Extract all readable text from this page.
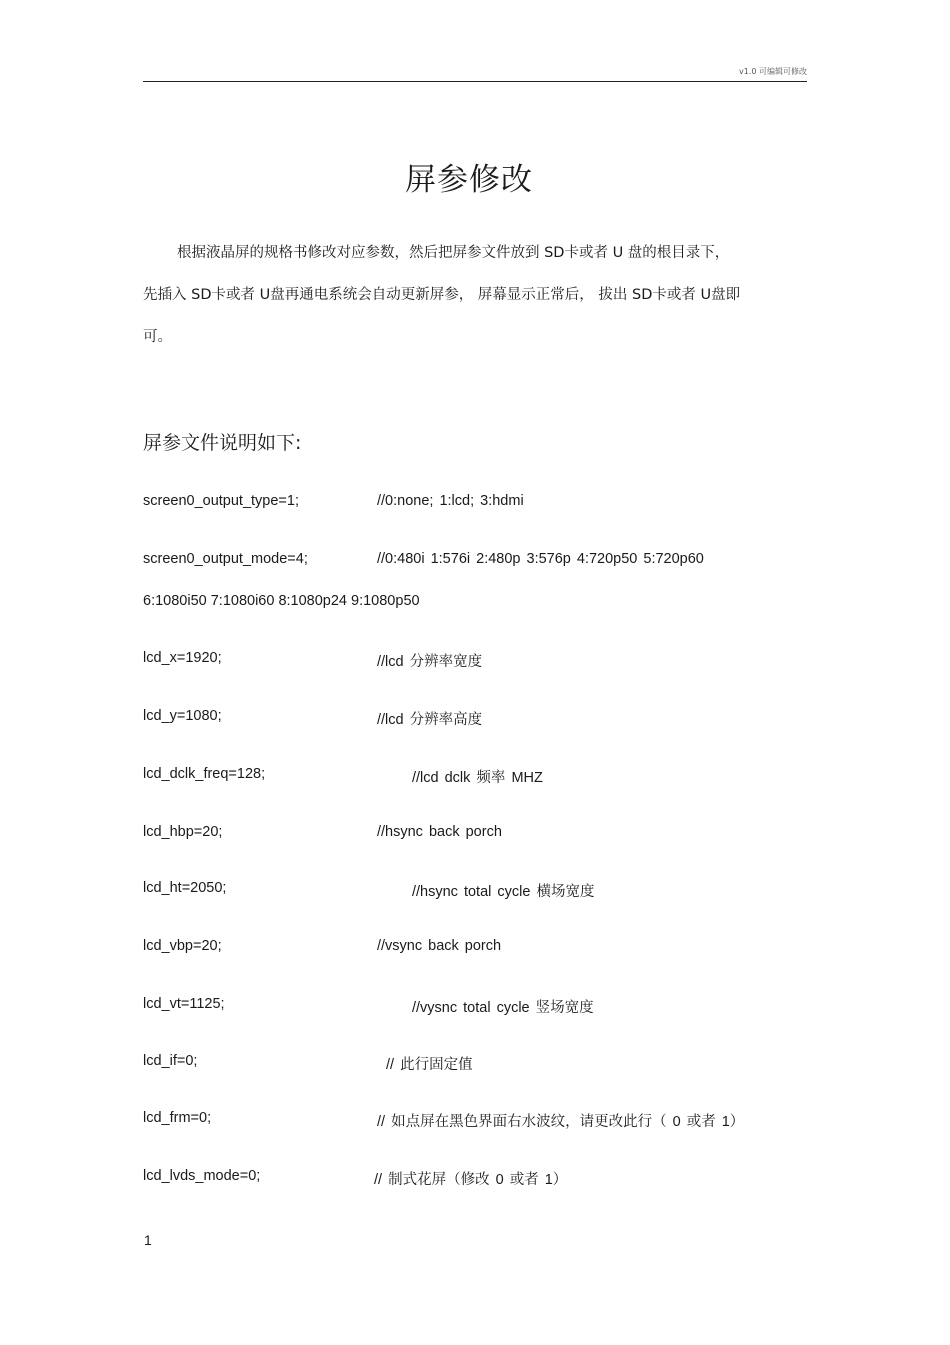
v1.0 可编辑可修改
屏参修改
根据液晶屏的规格书修改对应参数，然后把屏参文件放到 SD卡或者 U 盘的根目录下，
先插入 SD卡或者 U盘再通电系统会自动更新屏参， 屏幕显示正常后， 拔出 SD卡或者 U盘即
可。
屏参文件说明如下:
screen0_output_type=1;	//0:none; 1:lcd; 3:hdmi
screen0_output_mode=4;	//0:480i 1:576i 2:480p 3:576p 4:720p50 5:720p60
6:1080i50 7:1080i60 8:1080p24 9:1080p50
lcd_x=1920;	//lcd 分辨率宽度
lcd_y=1080;	//lcd 分辨率高度
lcd_dclk_freq=128;	//lcd dclk 频率 MHZ
lcd_hbp=20;	//hsync back porch
lcd_ht=2050;	//hsync total cycle 横场宽度
lcd_vbp=20;	//vsync back porch
lcd_vt=1125;	//vysnc total cycle 竖场宽度
lcd_if=0;	// 此行固定值
lcd_frm=0;	// 如点屏在黑色界面右水波纹，请更改此行（ 0 或者 1）
lcd_lvds_mode=0;	// 制式花屏（修改 0 或者 1）
1
